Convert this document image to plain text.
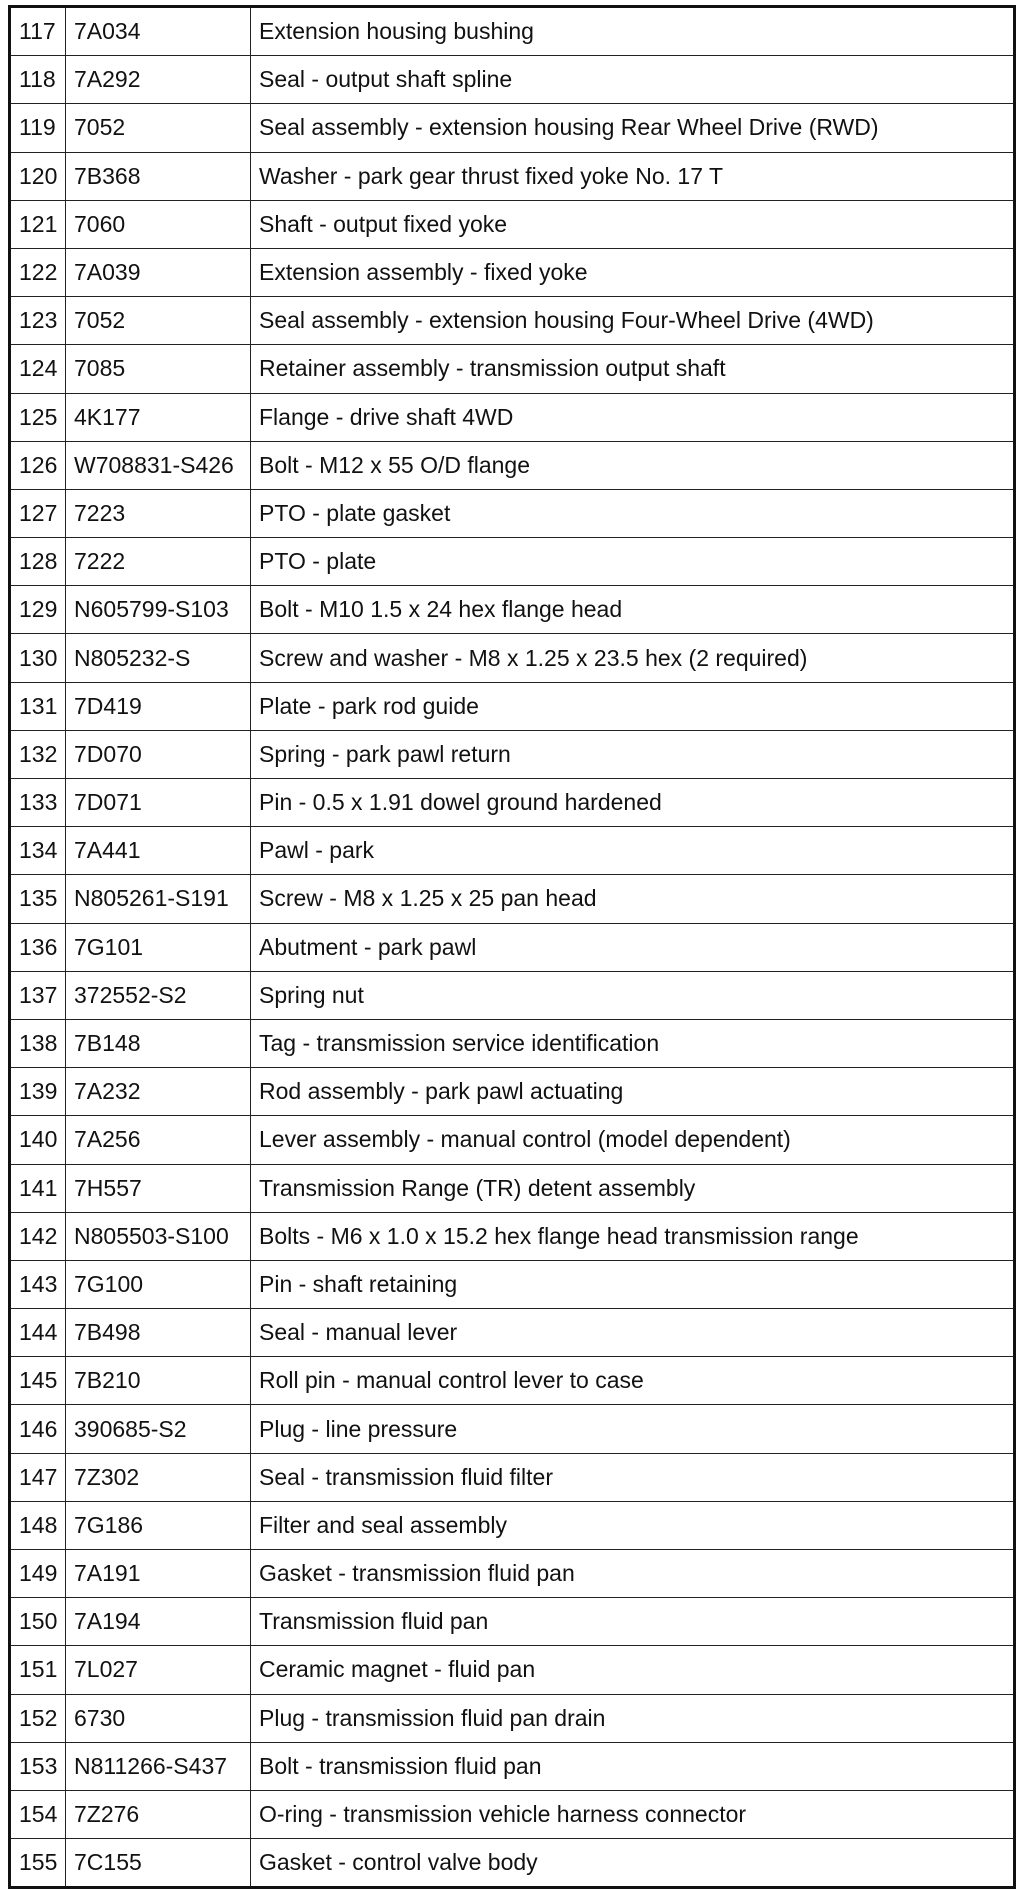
117	7A034	Extension housing bushing
118	7A292	Seal - output shaft spline
119	7052	Seal assembly - extension housing Rear Wheel Drive (RWD)
120	7B368	Washer - park gear thrust fixed yoke No. 17 T
121	7060	Shaft - output fixed yoke
122	7A039	Extension assembly - fixed yoke
123	7052	Seal assembly - extension housing Four-Wheel Drive (4WD)
124	7085	Retainer assembly - transmission output shaft
125	4K177	Flange - drive shaft 4WD
126	W708831-S426	Bolt - M12 x 55 O/D flange
127	7223	PTO - plate gasket
128	7222	PTO - plate
129	N605799-S103	Bolt - M10 1.5 x 24 hex flange head
130	N805232-S	Screw and washer - M8 x 1.25 x 23.5 hex (2 required)
131	7D419	Plate - park rod guide
132	7D070	Spring - park pawl return
133	7D071	Pin - 0.5 x 1.91 dowel ground hardened
134	7A441	Pawl - park
135	N805261-S191	Screw - M8 x 1.25 x 25 pan head
136	7G101	Abutment - park pawl
137	372552-S2	Spring nut
138	7B148	Tag - transmission service identification
139	7A232	Rod assembly - park pawl actuating
140	7A256	Lever assembly - manual control (model dependent)
141	7H557	Transmission Range (TR) detent assembly
142	N805503-S100	Bolts - M6 x 1.0 x 15.2 hex flange head transmission range
143	7G100	Pin - shaft retaining
144	7B498	Seal - manual lever
145	7B210	Roll pin - manual control lever to case
146	390685-S2	Plug - line pressure
147	7Z302	Seal - transmission fluid filter
148	7G186	Filter and seal assembly
149	7A191	Gasket - transmission fluid pan
150	7A194	Transmission fluid pan
151	7L027	Ceramic magnet - fluid pan
152	6730	Plug - transmission fluid pan drain
153	N811266-S437	Bolt - transmission fluid pan
154	7Z276	O-ring - transmission vehicle harness connector
155	7C155	Gasket - control valve body
